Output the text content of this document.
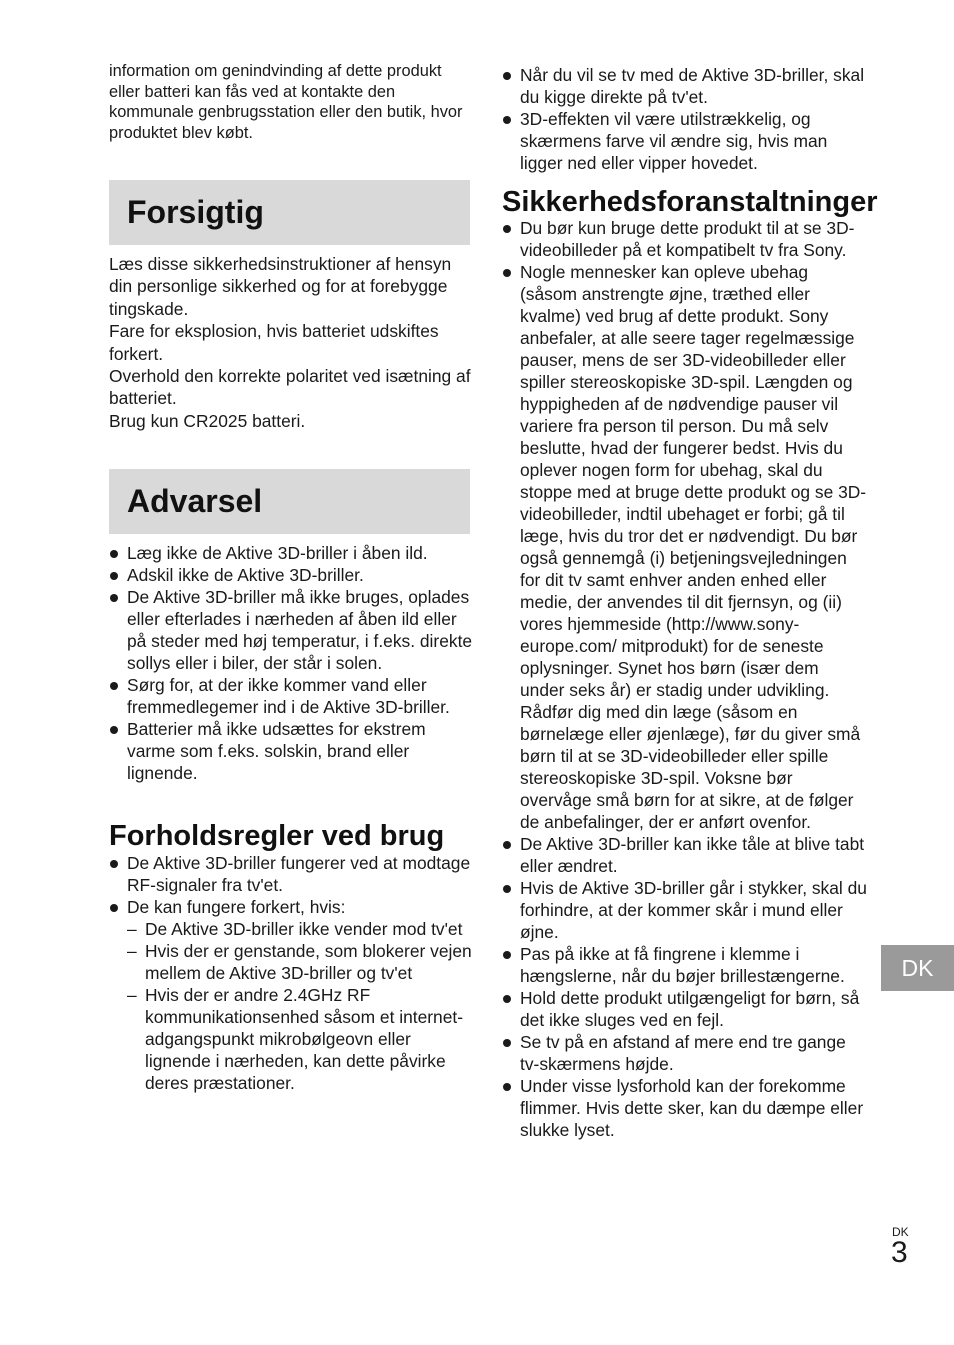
information om genindvinding af dette produkt eller batteri kan fås ved at kontakte den kommunale genbrugsstation eller den butik, hvor produktet blev købt.

Forsigtig

Læs disse sikkerhedsinstruktioner af hensyn din personlige sikkerhed og for at forebygge tingskade.

Fare for eksplosion, hvis batteriet udskiftes forkert.

Overhold den korrekte polaritet ved isætning af batteriet.

Brug kun CR2025 batteri.

Advarsel
Læg ikke de Aktive 3D-briller i åben ild.
Adskil ikke de Aktive 3D-briller.
De Aktive 3D-briller må ikke bruges, oplades eller efterlades i nærheden af åben ild eller på steder med høj temperatur, i f.eks. direkte sollys eller i biler, der står i solen.
Sørg for, at der ikke kommer vand eller fremmedlegemer ind i de Aktive 3D-briller.
Batterier må ikke udsættes for ekstrem varme som f.eks. solskin, brand eller lignende.
Forholdsregler ved brug
De Aktive 3D-briller fungerer ved at modtage RF-signaler fra tv'et.
De kan fungere forkert, hvis:
– De Aktive 3D-briller ikke vender mod tv'et
– Hvis der er genstande, som blokerer vejen mellem de Aktive 3D-briller og tv'et
– Hvis der er andre 2.4GHz RF kommunikationsenhed såsom et internet-adgangspunkt mikrobølgeovn eller lignende i nærheden, kan dette påvirke deres præstationer.
Når du vil se tv med de Aktive 3D-briller, skal du kigge direkte på tv'et.
3D-effekten vil være utilstrækkelig, og skærmens farve vil ændre sig, hvis man ligger ned eller vipper hovedet.
Sikkerhedsforanstaltninger
Du bør kun bruge dette produkt til at se 3D-videobilleder på et kompatibelt tv fra Sony.
Nogle mennesker kan opleve ubehag (såsom anstrengte øjne, træthed eller kvalme) ved brug af dette produkt. Sony anbefaler, at alle seere tager regelmæssige pauser, mens de ser 3D-videobilleder eller spiller stereoskopiske 3D-spil. Længden og hyppigheden af de nødvendige pauser vil variere fra person til person. Du må selv beslutte, hvad der fungerer bedst. Hvis du oplever nogen form for ubehag, skal du stoppe med at bruge dette produkt og se 3D-videobilleder, indtil ubehaget er forbi; gå til læge, hvis du tror det er nødvendigt. Du bør også gennemgå (i) betjeningsvejledningen for dit tv samt enhver anden enhed eller medie, der anvendes til dit fjernsyn, og (ii) vores hjemmeside (http://www.sony-europe.com/ mitprodukt) for de seneste oplysninger. Synet hos børn (især dem under seks år) er stadig under udvikling. Rådfør dig med din læge (såsom en børnelæge eller øjenlæge), før du giver små børn til at se 3D-videobilleder eller spille stereoskopiske 3D-spil. Voksne bør overvåge små børn for at sikre, at de følger de anbefalinger, der er anført ovenfor.
De Aktive 3D-briller kan ikke tåle at blive tabt eller ændret.
Hvis de Aktive 3D-briller går i stykker, skal du forhindre, at der kommer skår i mund eller øjne.
Pas på ikke at få fingrene i klemme i hængslerne, når du bøjer brillestængerne.
Hold dette produkt utilgængeligt for børn, så det ikke sluges ved en fejl.
Se tv på en afstand af mere end tre gange tv-skærmens højde.
Under visse lysforhold kan der forekomme flimmer. Hvis dette sker, kan du dæmpe eller slukke lyset.
DK
DK
3
